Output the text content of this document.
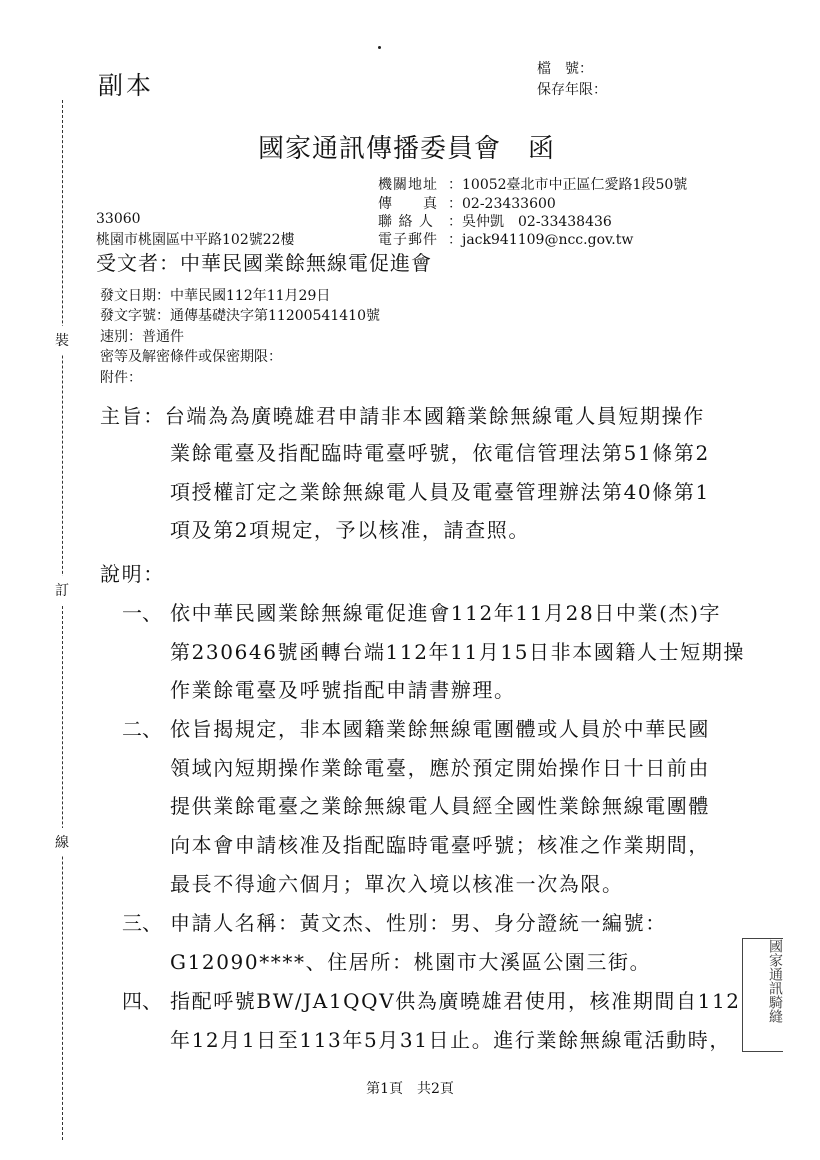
裝
訂
線
副本
檔　號：
保存年限：
國家通訊傳播委員會　函
機關地址 ：10052臺北市中正區仁愛路1段50號
傳　　真 ：02-23433600
聯 絡 人 ：吳仲凱　02-33438436
電子郵件 ：jack941109@ncc.gov.tw
33060
桃園市桃園區中平路102號22樓
受文者：中華民國業餘無線電促進會
發文日期：中華民國112年11月29日
發文字號：通傳基礎決字第11200541410號
速別：普通件
密等及解密條件或保密期限：
附件：
主旨：台端為為廣曉雄君申請非本國籍業餘無線電人員短期操作
業餘電臺及指配臨時電臺呼號，依電信管理法第51條第2
項授權訂定之業餘無線電人員及電臺管理辦法第40條第1
項及第2項規定，予以核准，請查照。
說明：
一、 依中華民國業餘無線電促進會112年11月28日中業(杰)字
第230646號函轉台端112年11月15日非本國籍人士短期操
作業餘電臺及呼號指配申請書辦理。
二、 依旨揭規定，非本國籍業餘無線電團體或人員於中華民國
領域內短期操作業餘電臺，應於預定開始操作日十日前由
提供業餘電臺之業餘無線電人員經全國性業餘無線電團體
向本會申請核准及指配臨時電臺呼號；核准之作業期間，
最長不得逾六個月；單次入境以核准一次為限。
三、 申請人名稱：黃文杰、性別：男、身分證統一編號：
G12090****、住居所：桃園市大溪區公園三街。
四、 指配呼號BW/JA1QQV供為廣曉雄君使用，核准期間自112
年12月1日至113年5月31日止。進行業餘無線電活動時，
國家通訊騎縫
第1頁　共2頁
